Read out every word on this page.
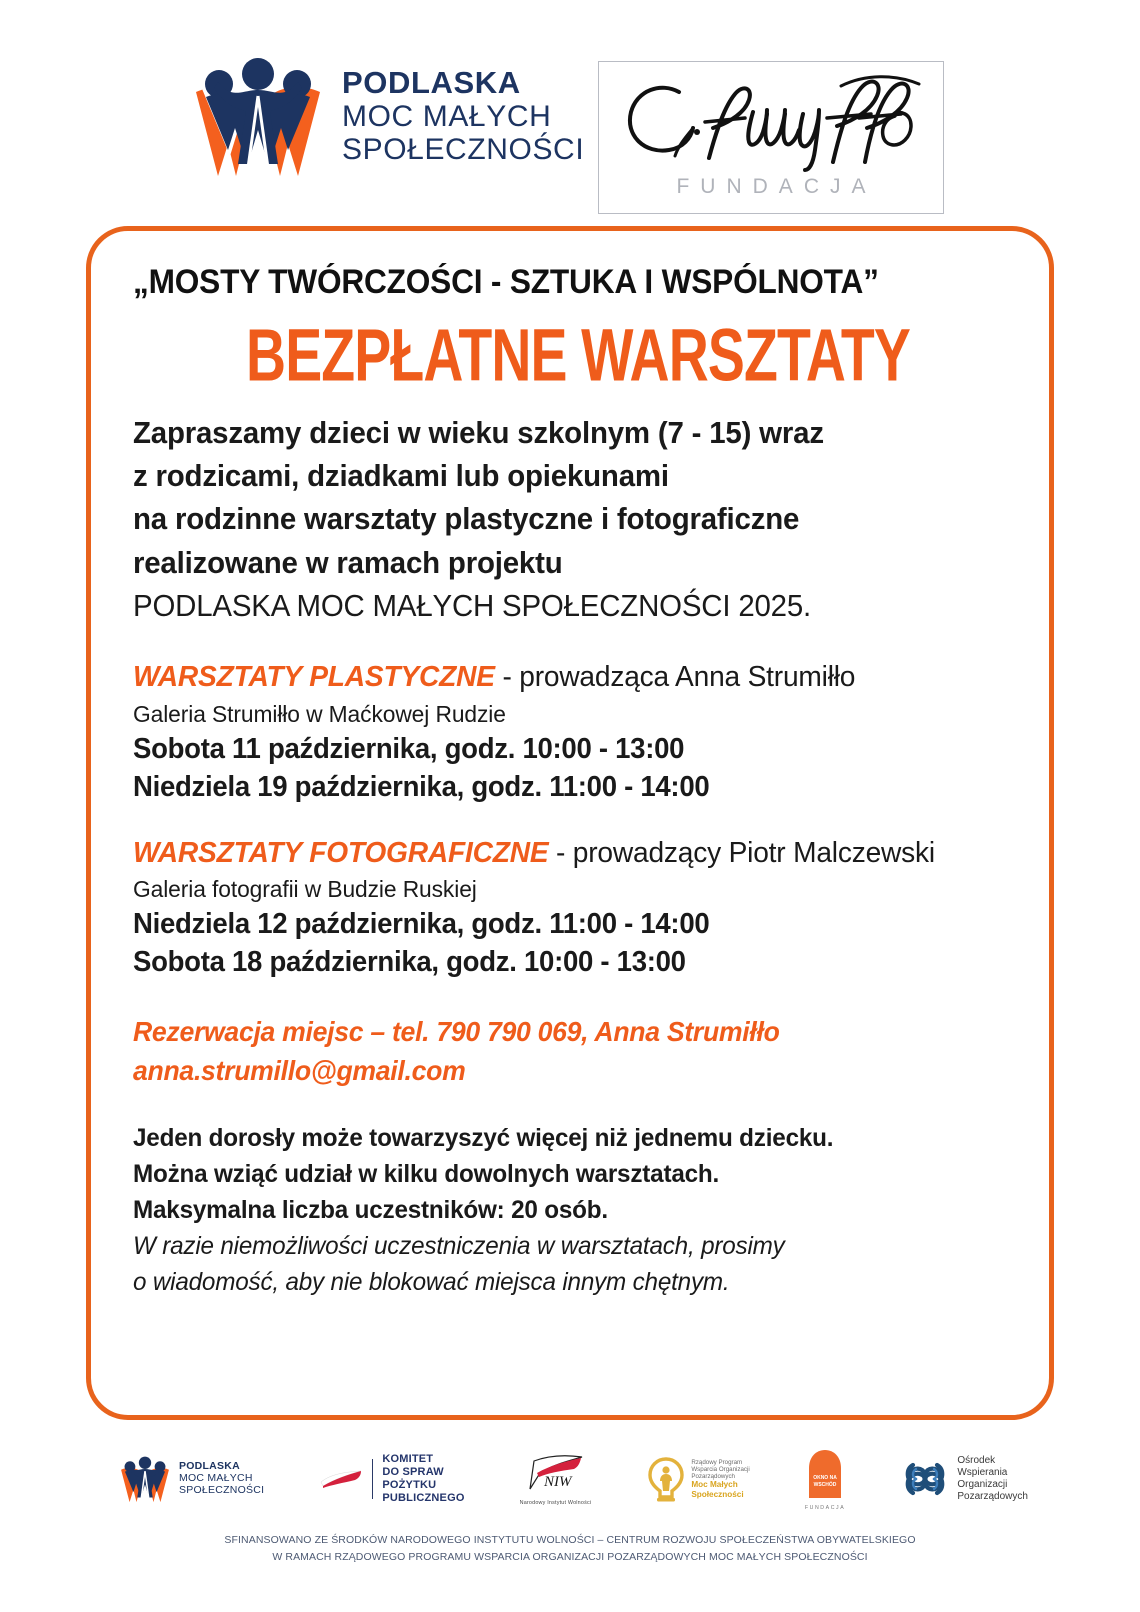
PODLASKA
MOC MAŁYCH
SPOŁECZNOŚCI
FUNDACJA
„MOSTY TWÓRCZOŚCI - SZTUKA I WSPÓLNOTA”
BEZPŁATNE WARSZTATY
Zapraszamy dzieci w wieku szkolnym (7 - 15) wraz
z rodzicami, dziadkami lub opiekunami
na rodzinne warsztaty plastyczne i fotograficzne
realizowane w ramach projektu
PODLASKA MOC MAŁYCH SPOŁECZNOŚCI 2025.
WARSZTATY PLASTYCZNE - prowadząca Anna Strumiłło
Galeria Strumiłło w Maćkowej Rudzie
Sobota 11 października, godz. 10:00 - 13:00
Niedziela 19 października, godz. 11:00 - 14:00
WARSZTATY FOTOGRAFICZNE - prowadzący Piotr Malczewski
Galeria fotografii w Budzie Ruskiej
Niedziela 12 października, godz. 11:00 - 14:00
Sobota 18 października, godz. 10:00 - 13:00
Rezerwacja miejsc – tel. 790 790 069, Anna Strumiłło
anna.strumillo@gmail.com
Jeden dorosły może towarzyszyć więcej niż jednemu dziecku.
Można wziąć udział w kilku dowolnych warsztatach.
Maksymalna liczba uczestników: 20 osób.
W razie niemożliwości uczestniczenia w warsztatach, prosimy
o wiadomość, aby nie blokować miejsca innym chętnym.
PODLASKA
MOC MAŁYCH
SPOŁECZNOŚCI
KOMITET
DO SPRAW
POŻYTKU
PUBLICZNEGO
NIW
Narodowy Instytut Wolności
Rządowy Program
Wsparcia Organizacji
Pozarządowych
Moc Małych
Społeczności
OKNO NA
WSCHÓD
FUNDACJA
Ośrodek
Wspierania
Organizacji
Pozarządowych
SFINANSOWANO ZE ŚRODKÓW NARODOWEGO INSTYTUTU WOLNOŚCI – CENTRUM ROZWOJU SPOŁECZEŃSTWA OBYWATELSKIEGO
W RAMACH RZĄDOWEGO PROGRAMU WSPARCIA ORGANIZACJI POZARZĄDOWYCH MOC MAŁYCH SPOŁECZNOŚCI
